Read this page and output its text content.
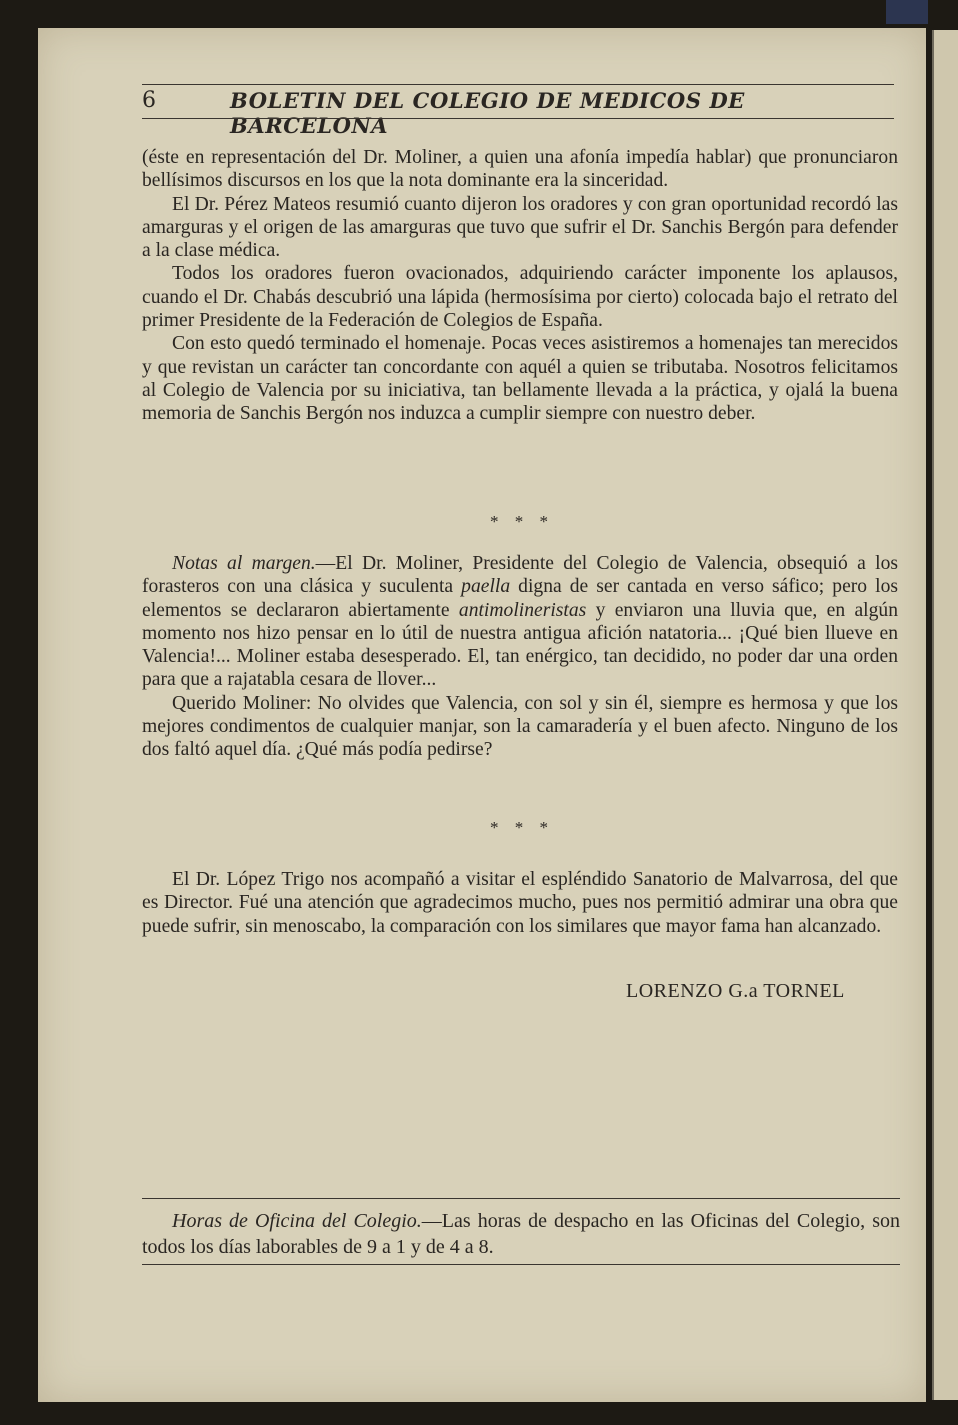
6	BOLETIN DEL COLEGIO DE MEDICOS DE BARCELONA

(éste en representación del Dr. Moliner, a quien una afonía impedía hablar) que pronunciaron bellísimos discursos en los que la nota dominante era la sinceridad.

El Dr. Pérez Mateos resumió cuanto dijeron los oradores y con gran oportunidad recordó las amarguras y el origen de las amarguras que tuvo que sufrir el Dr. Sanchis Bergón para defender a la clase médica.

Todos los oradores fueron ovacionados, adquiriendo carácter imponente los aplausos, cuando el Dr. Chabás descubrió una lápida (hermosísima por cierto) colocada bajo el retrato del primer Presidente de la Federación de Colegios de España.

Con esto quedó terminado el homenaje. Pocas veces asistiremos a homenajes tan merecidos y que revistan un carácter tan concordante con aquél a quien se tributaba. Nosotros felicitamos al Colegio de Valencia por su iniciativa, tan bellamente llevada a la práctica, y ojalá la buena memoria de Sanchis Bergón nos induzca a cumplir siempre con nuestro deber.

* * *

Notas al margen.—El Dr. Moliner, Presidente del Colegio de Valencia, obsequió a los forasteros con una clásica y suculenta paella digna de ser cantada en verso sáfico; pero los elementos se declararon abiertamente antimolineristas y enviaron una lluvia que, en algún momento nos hizo pensar en lo útil de nuestra antigua afición natatoria... ¡Qué bien llueve en Valencia!... Moliner estaba desesperado. El, tan enérgico, tan decidido, no poder dar una orden para que a rajatabla cesara de llover...

Querido Moliner: No olvides que Valencia, con sol y sin él, siempre es hermosa y que los mejores condimentos de cualquier manjar, son la camaradería y el buen afecto. Ninguno de los dos faltó aquel día. ¿Qué más podía pedirse?

* * *

El Dr. López Trigo nos acompañó a visitar el espléndido Sanatorio de Malvarrosa, del que es Director. Fué una atención que agradecimos mucho, pues nos permitió admirar una obra que puede sufrir, sin menoscabo, la comparación con los similares que mayor fama han alcanzado.

LORENZO G.a TORNEL

Horas de Oficina del Colegio.—Las horas de despacho en las Oficinas del Colegio, son todos los días laborables de 9 a 1 y de 4 a 8.
